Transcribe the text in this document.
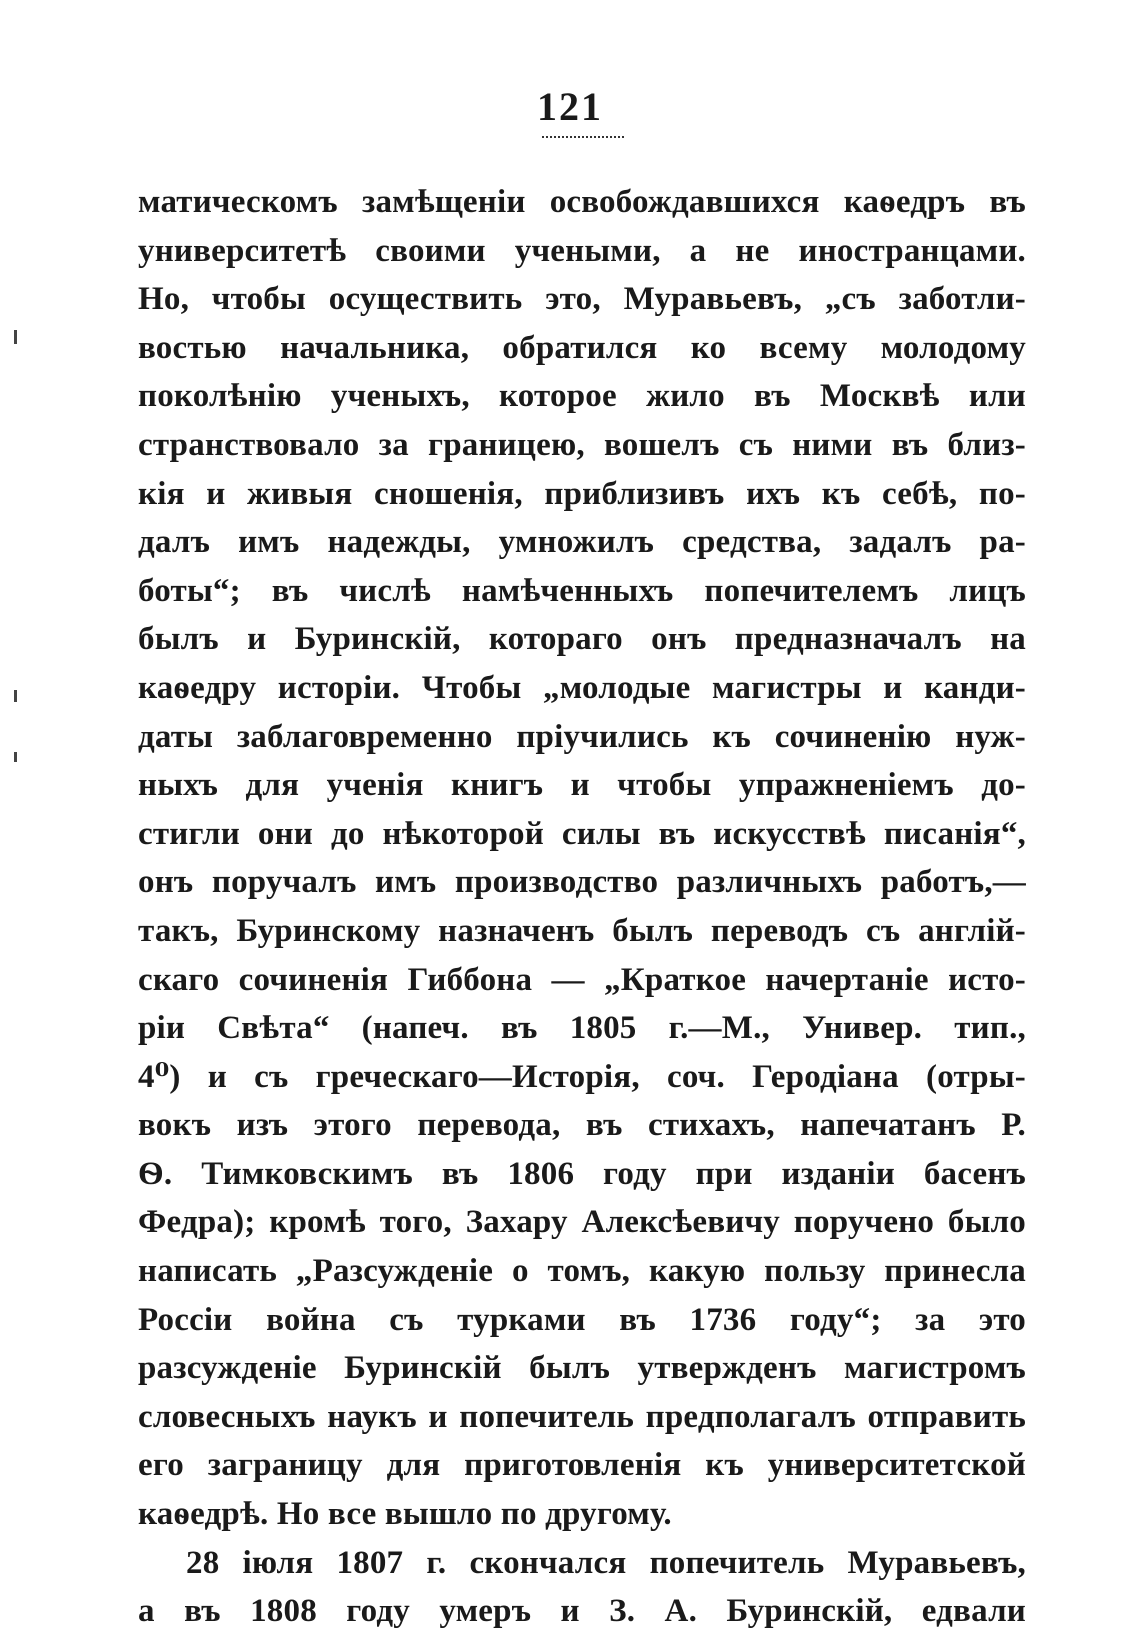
121
матическомъ замѣщеніи освобождавшихся каѳедръ въ
университетѣ своими учеными, а не иностранцами.
Но, чтобы осуществить это, Муравьевъ, „съ заботли-
востью начальника, обратился ко всему молодому
поколѣнію ученыхъ, которое жило въ Москвѣ или
странствовало за границею, вошелъ съ ними въ близ-
кія и живыя сношенія, приблизивъ ихъ къ себѣ, по-
далъ имъ надежды, умножилъ средства, задалъ ра-
боты“; въ числѣ намѣченныхъ попечителемъ лицъ
былъ и Буринскій, котораго онъ предназначалъ на
каѳедру исторіи. Чтобы „молодые магистры и канди-
даты заблаговременно пріучились къ сочиненію нуж-
ныхъ для ученія книгъ и чтобы упражненіемъ до-
стигли они до нѣкоторой силы въ искусствѣ писанія“,
онъ поручалъ имъ производство различныхъ работъ,—
такъ, Буринскому назначенъ былъ переводъ съ англій-
скаго сочиненія Гиббона — „Краткое начертаніе исто-
ріи Свѣта“ (напеч. въ 1805 г.—М., Универ. тип.,
4⁰) и съ греческаго—Исторія, соч. Геродіана (отры-
вокъ изъ этого перевода, въ стихахъ, напечатанъ Р.
Ѳ. Тимковскимъ въ 1806 году при изданіи басенъ
Федра); кромѣ того, Захару Алексѣевичу поручено было
написать „Разсужденіе о томъ, какую пользу принесла
Россіи война съ турками въ 1736 году“; за это
разсужденіе Буринскій былъ утвержденъ магистромъ
словесныхъ наукъ и попечитель предполагалъ отправить
его заграницу для приготовленія къ университетской
каѳедрѣ. Но все вышло по другому.
28 іюля 1807 г. скончался попечитель Муравьевъ,
а въ 1808 году умеръ и З. А. Буринскій, едвали
